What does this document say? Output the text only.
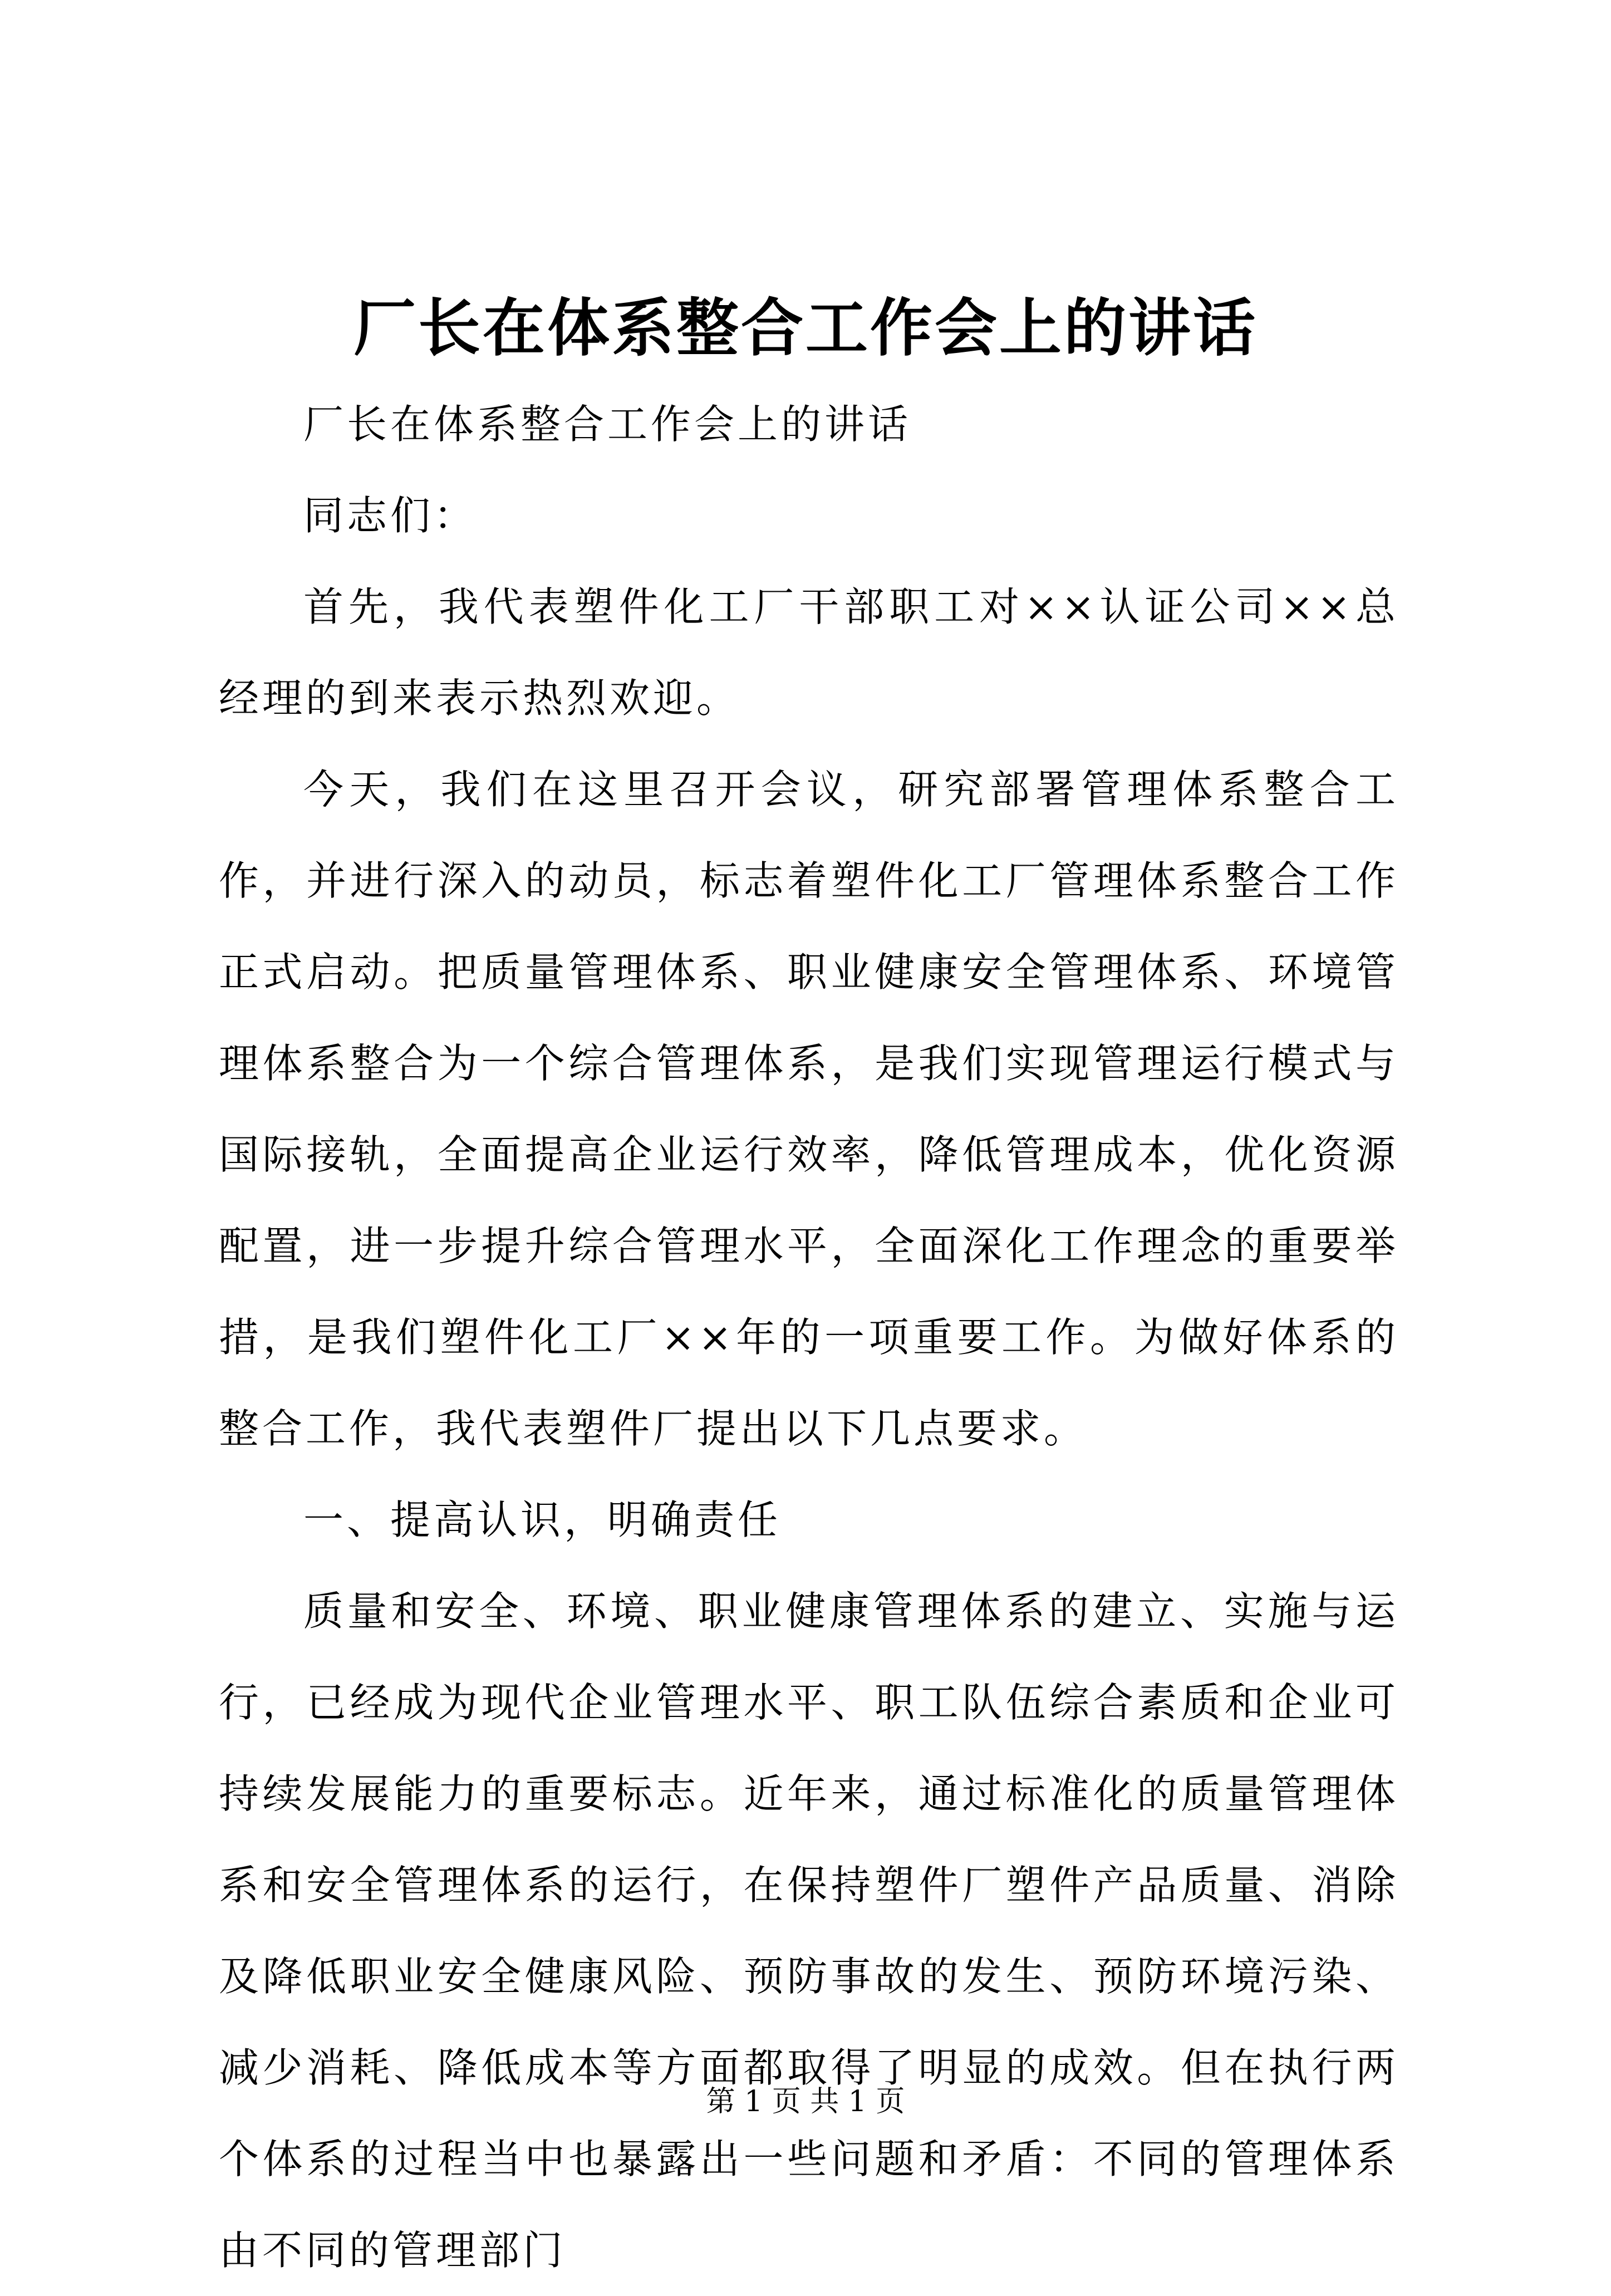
厂长在体系整合工作会上的讲话

厂长在体系整合工作会上的讲话

同志们：

首先，我代表塑件化工厂干部职工对××认证公司××总经理的到来表示热烈欢迎。

今天，我们在这里召开会议，研究部署管理体系整合工作，并进行深入的动员，标志着塑件化工厂管理体系整合工作正式启动。把质量管理体系、职业健康安全管理体系、环境管理体系整合为一个综合管理体系，是我们实现管理运行模式与国际接轨，全面提高企业运行效率，降低管理成本，优化资源配置，进一步提升综合管理水平，全面深化工作理念的重要举措，是我们塑件化工厂××年的一项重要工作。为做好体系的整合工作，我代表塑件厂提出以下几点要求。

一、提高认识，明确责任

质量和安全、环境、职业健康管理体系的建立、实施与运行，已经成为现代企业管理水平、职工队伍综合素质和企业可持续发展能力的重要标志。近年来，通过标准化的质量管理体系和安全管理体系的运行，在保持塑件厂塑件产品质量、消除及降低职业安全健康风险、预防事故的发生、预防环境污染、减少消耗、降低成本等方面都取得了明显的成效。但在执行两个体系的过程当中也暴露出一些问题和矛盾：不同的管理体系由不同的管理部门

第 1 页 共 1 页
